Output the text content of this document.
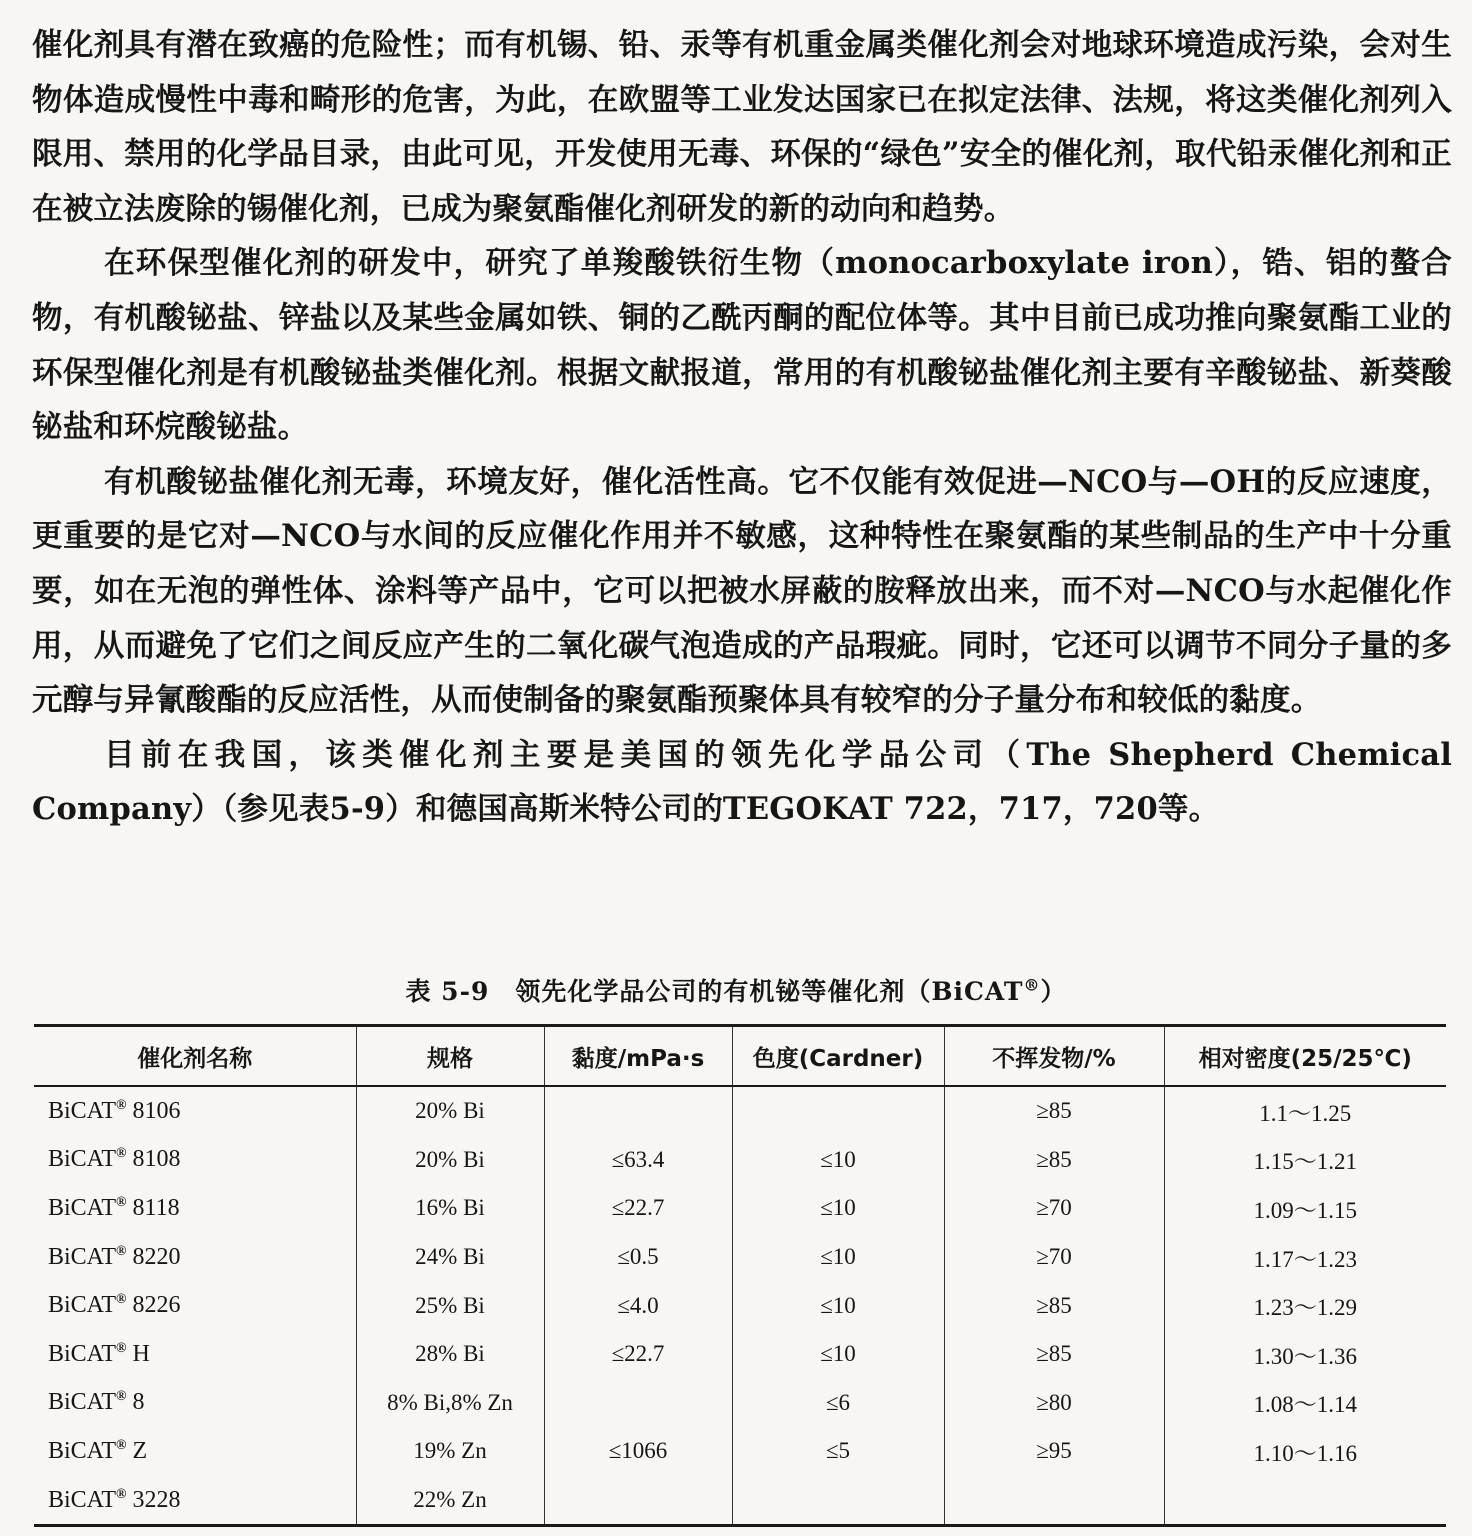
催化剂具有潜在致癌的危险性；而有机锡、铅、汞等有机重金属类催化剂会对地球环境造成污染，会对生物体造成慢性中毒和畸形的危害，为此，在欧盟等工业发达国家已在拟定法律、法规，将这类催化剂列入限用、禁用的化学品目录，由此可见，开发使用无毒、环保的“绿色”安全的催化剂，取代铅汞催化剂和正在被立法废除的锡催化剂，已成为聚氨酯催化剂研发的新的动向和趋势。

在环保型催化剂的研发中，研究了单羧酸铁衍生物（monocarboxylate iron），锆、铝的螯合物，有机酸铋盐、锌盐以及某些金属如铁、铜的乙酰丙酮的配位体等。其中目前已成功推向聚氨酯工业的环保型催化剂是有机酸铋盐类催化剂。根据文献报道，常用的有机酸铋盐催化剂主要有辛酸铋盐、新葵酸铋盐和环烷酸铋盐。

有机酸铋盐催化剂无毒，环境友好，催化活性高。它不仅能有效促进—NCO与—OH的反应速度，更重要的是它对—NCO与水间的反应催化作用并不敏感，这种特性在聚氨酯的某些制品的生产中十分重要，如在无泡的弹性体、涂料等产品中，它可以把被水屏蔽的胺释放出来，而不对—NCO与水起催化作用，从而避免了它们之间反应产生的二氧化碳气泡造成的产品瑕疵。同时，它还可以调节不同分子量的多元醇与异氰酸酯的反应活性，从而使制备的聚氨酯预聚体具有较窄的分子量分布和较低的黏度。

目前在我国，该类催化剂主要是美国的领先化学品公司（The Shepherd Chemical Company）（参见表5-9）和德国高斯米特公司的TEGOKAT 722，717，720等。

表 5-9　领先化学品公司的有机铋等催化剂（BiCAT®）
催化剂名称	规格	黏度/mPa·s	色度(Cardner)	不挥发物/%	相对密度(25/25℃)
BiCAT® 8106	20% Bi			≥85	1.1～1.25
BiCAT® 8108	20% Bi	≤63.4	≤10	≥85	1.15～1.21
BiCAT® 8118	16% Bi	≤22.7	≤10	≥70	1.09～1.15
BiCAT® 8220	24% Bi	≤0.5	≤10	≥70	1.17～1.23
BiCAT® 8226	25% Bi	≤4.0	≤10	≥85	1.23～1.29
BiCAT® H	28% Bi	≤22.7	≤10	≥85	1.30～1.36
BiCAT® 8	8% Bi,8% Zn		≤6	≥80	1.08～1.14
BiCAT® Z	19% Zn	≤1066	≤5	≥95	1.10～1.16
BiCAT® 3228	22% Zn				
